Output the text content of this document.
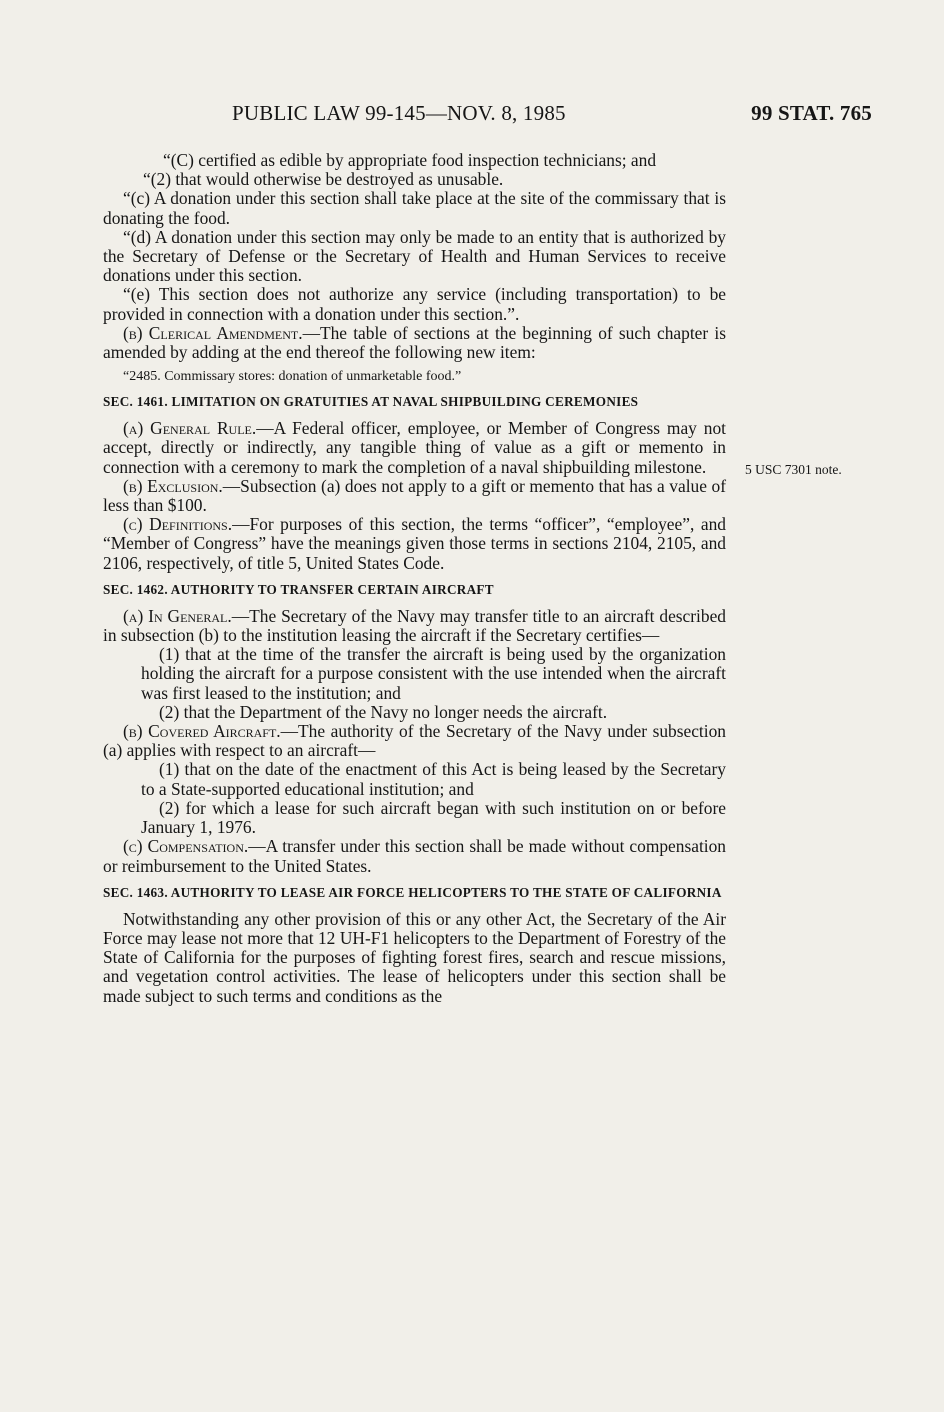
PUBLIC LAW 99-145—NOV. 8, 1985	99 STAT. 765
5 USC 7301 note.

“(C) certified as edible by appropriate food inspection technicians; and

“(2) that would otherwise be destroyed as unusable.

“(c) A donation under this section shall take place at the site of the commissary that is donating the food.

“(d) A donation under this section may only be made to an entity that is authorized by the Secretary of Defense or the Secretary of Health and Human Services to receive donations under this section.

“(e) This section does not authorize any service (including transportation) to be provided in connection with a donation under this section.”.

(b) Clerical Amendment.—The table of sections at the beginning of such chapter is amended by adding at the end thereof the following new item:

“2485. Commissary stores: donation of unmarketable food.”

SEC. 1461. LIMITATION ON GRATUITIES AT NAVAL SHIPBUILDING CEREMONIES

(a) General Rule.—A Federal officer, employee, or Member of Congress may not accept, directly or indirectly, any tangible thing of value as a gift or memento in connection with a ceremony to mark the completion of a naval shipbuilding milestone.

(b) Exclusion.—Subsection (a) does not apply to a gift or memento that has a value of less than $100.

(c) Definitions.—For purposes of this section, the terms “officer”, “employee”, and “Member of Congress” have the meanings given those terms in sections 2104, 2105, and 2106, respectively, of title 5, United States Code.

SEC. 1462. AUTHORITY TO TRANSFER CERTAIN AIRCRAFT

(a) In General.—The Secretary of the Navy may transfer title to an aircraft described in subsection (b) to the institution leasing the aircraft if the Secretary certifies—

(1) that at the time of the transfer the aircraft is being used by the organization holding the aircraft for a purpose consistent with the use intended when the aircraft was first leased to the institution; and

(2) that the Department of the Navy no longer needs the aircraft.

(b) Covered Aircraft.—The authority of the Secretary of the Navy under subsection (a) applies with respect to an aircraft—

(1) that on the date of the enactment of this Act is being leased by the Secretary to a State-supported educational institution; and

(2) for which a lease for such aircraft began with such institution on or before January 1, 1976.

(c) Compensation.—A transfer under this section shall be made without compensation or reimbursement to the United States.

SEC. 1463. AUTHORITY TO LEASE AIR FORCE HELICOPTERS TO THE STATE OF CALIFORNIA

Notwithstanding any other provision of this or any other Act, the Secretary of the Air Force may lease not more that 12 UH-F1 helicopters to the Department of Forestry of the State of California for the purposes of fighting forest fires, search and rescue missions, and vegetation control activities. The lease of helicopters under this section shall be made subject to such terms and conditions as the
